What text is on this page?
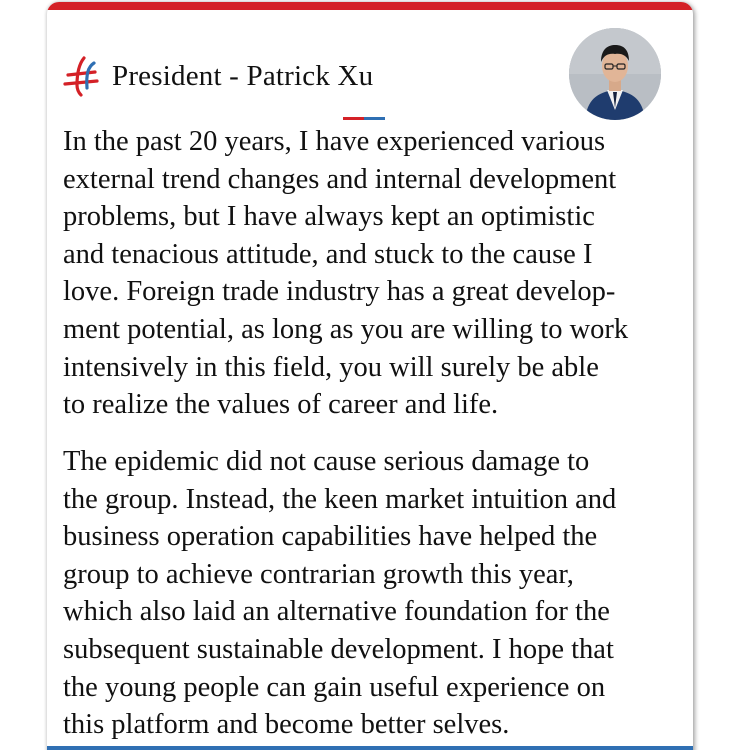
President - Patrick Xu

In the past 20 years, I have experienced various
external trend changes and internal development
problems, but I have always kept an optimistic
and tenacious attitude, and stuck to the cause I
love. Foreign trade industry has a great develop-
ment potential, as long as you are willing to work
intensively in this field, you will surely be able
to realize the values of career and life.

The epidemic did not cause serious damage to
the group. Instead, the keen market intuition and
business operation capabilities have helped the
group to achieve contrarian growth this year,
which also laid an alternative foundation for the
subsequent sustainable development. I hope that
the young people can gain useful experience on
this platform and become better selves.
